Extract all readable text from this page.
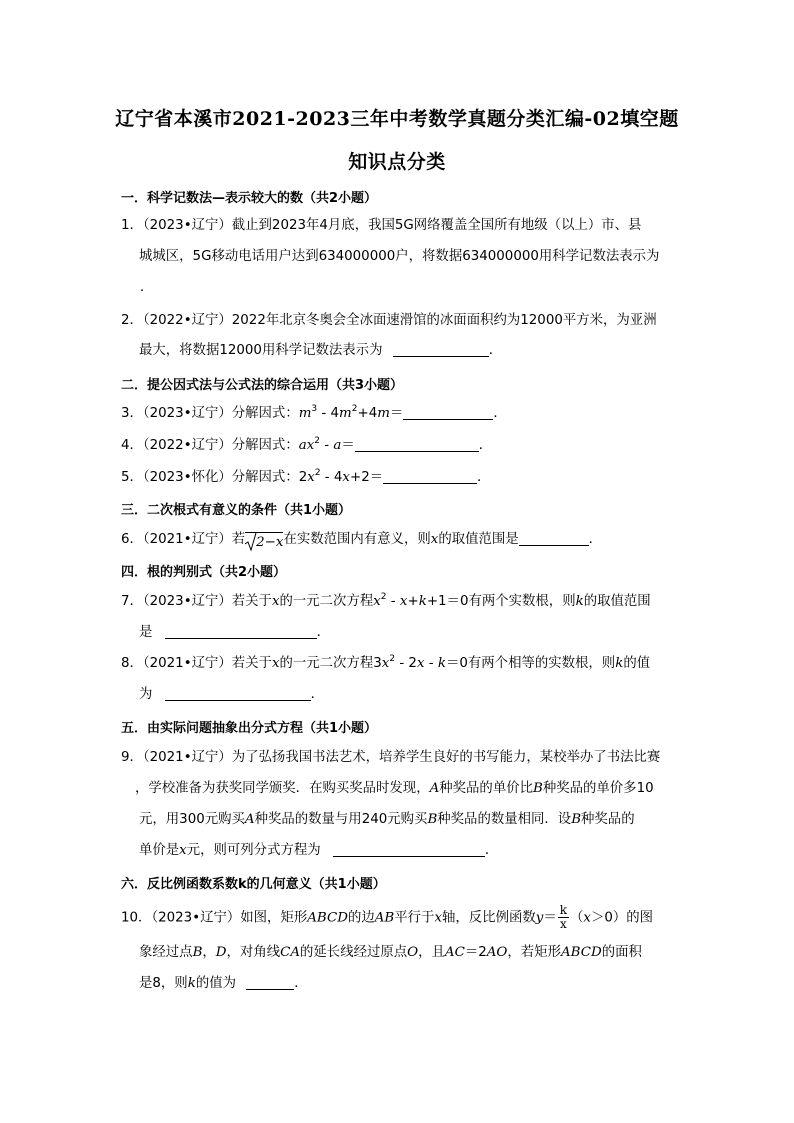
辽宁省本溪市2021-2023三年中考数学真题分类汇编-02填空题
知识点分类
一．科学记数法—表示较大的数（共2小题）
1．（2023•辽宁）截止到2023年4月底，我国5G网络覆盖全国所有地级（以上）市、县
城城区，5G移动电话用户达到634000000户，将数据634000000用科学记数法表示为
．
2．（2022•辽宁）2022年北京冬奥会全冰面速滑馆的冰面面积约为12000平方米，为亚洲
最大，将数据12000用科学记数法表示为	．
二．提公因式法与公式法的综合运用（共3小题）
3．（2023•辽宁）分解因式：$m^3 - 4m^2+4m=$	．
4．（2022•辽宁）分解因式：$ax^2 - a=$	．
5．（2023•怀化）分解因式：$2x^2 - 4x+2=$	．
三．二次根式有意义的条件（共1小题）
6．（2021•辽宁）若 2−x在实数范围内有意义，则x的取值范围是	．
四．根的判别式（共2小题）
7．（2023•辽宁）若关于x的一元二次方程$x^2 - x+k+1=0$有两个实数根，则k的取值范围
是	．
8．（2021•辽宁）若关于x的一元二次方程$3x^2 - 2x - k=0$有两个相等的实数根，则k的值
为	．
五．由实际问题抽象出分式方程（共1小题）
9．（2021•辽宁）为了弘扬我国书法艺术，培养学生良好的书写能力，某校举办了书法比赛
，学校准备为获奖同学颁奖．在购买奖品时发现，A种奖品的单价比B种奖品的单价多10
元，用300元购买A种奖品的数量与用240元购买B种奖品的数量相同．设B种奖品的
单价是x元，则可列分式方程为	．
六．反比例函数系数k的几何意义（共1小题）
10．（2023•辽宁）如图，矩形ABCD的边AB平行于x轴，反比例函数$y= \frac{k}{x} (x>0)$的图
象经过点B，D，对角线CA的延长线经过原点O，且AC＝2AO，若矩形ABCD的面积
是8，则k的值为	．
